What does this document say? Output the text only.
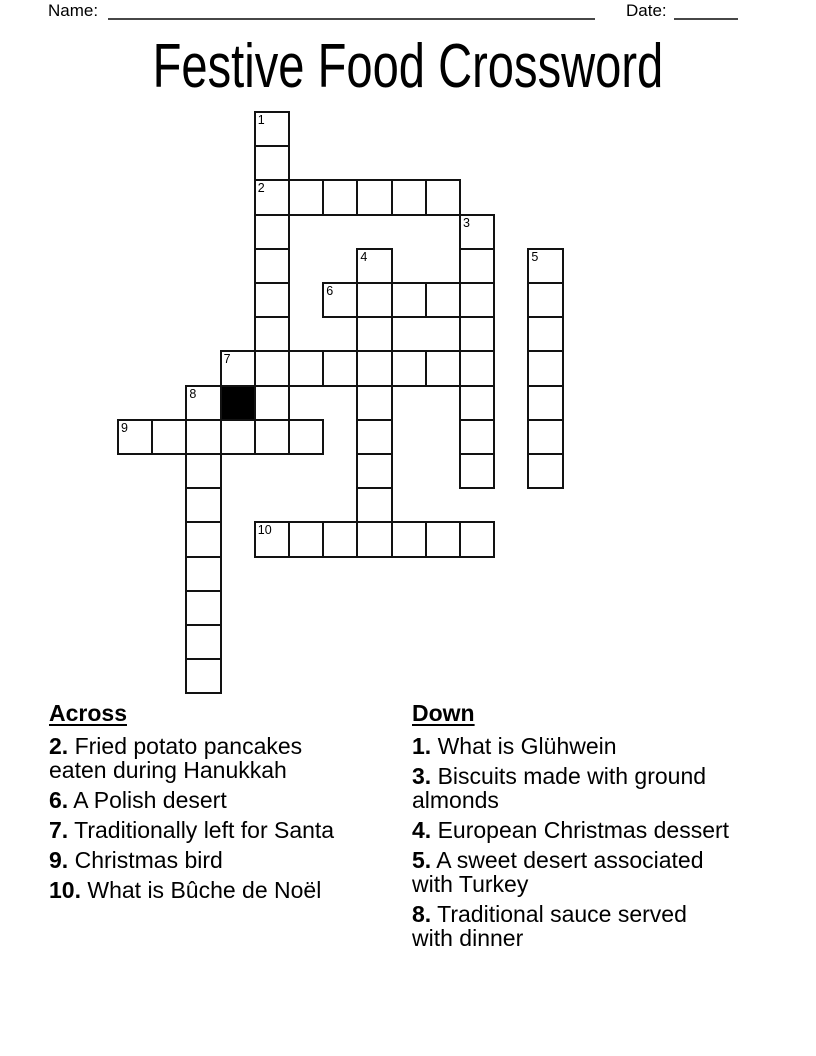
Name:	Date:
Festive Food Crossword
1
2
3
4	5
6
7
8
9
10
Across
2. Fried potato pancakes eaten during Hanukkah
6. A Polish desert
7. Traditionally left for Santa
9. Christmas bird
10. What is Bûche de Noël
Down
1. What is Glühwein
3. Biscuits made with ground almonds
4. European Christmas dessert
5. A sweet desert associated with Turkey
8. Traditional sauce served with dinner
